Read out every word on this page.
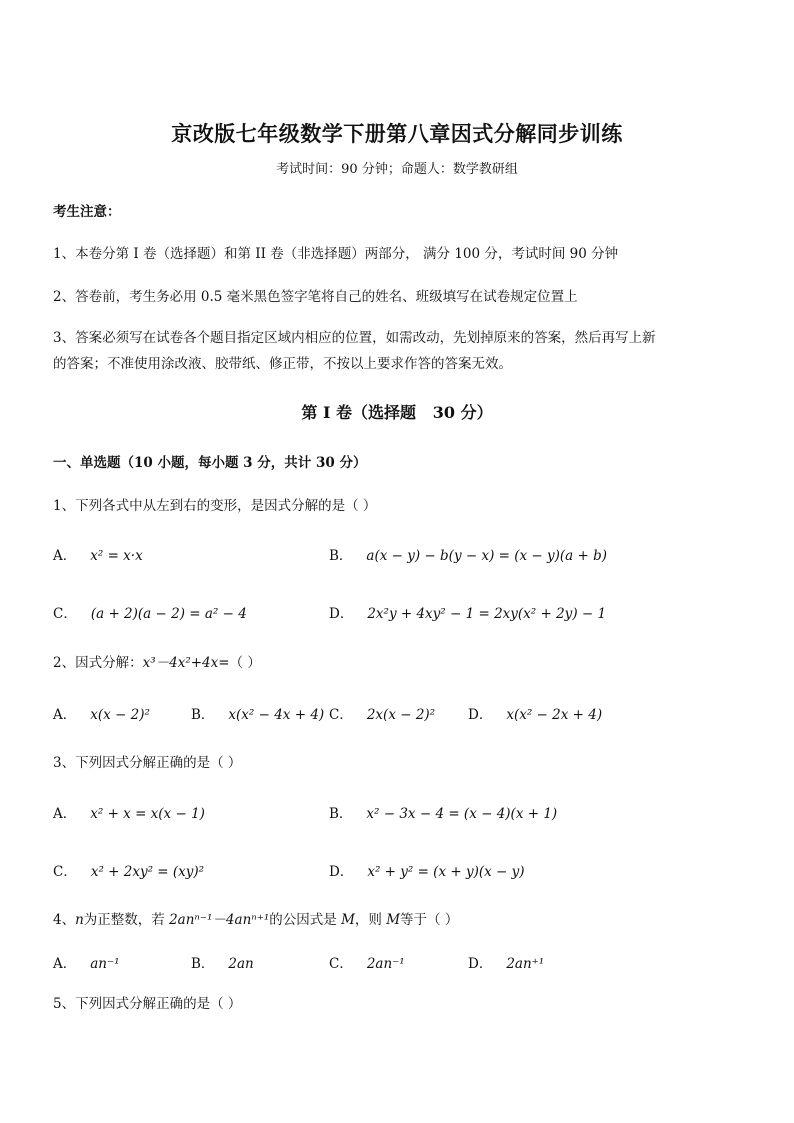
京改版七年级数学下册第八章因式分解同步训练
考试时间：90 分钟；命题人：数学教研组
考生注意：
1、本卷分第 I 卷（选择题）和第 II 卷（非选择题）两部分， 满分 100 分，考试时间 90 分钟
2、答卷前，考生务必用 0.5 毫米黑色签字笔将自己的姓名、班级填写在试卷规定位置上
3、答案必须写在试卷各个题目指定区域内相应的位置，如需改动，先划掉原来的答案，然后再写上新
的答案；不准使用涂改液、胶带纸、修正带，不按以上要求作答的答案无效。
第 I 卷（选择题   30 分）
一、单选题（10 小题，每小题 3 分，共计 30 分）
1、下列各式中从左到右的变形，是因式分解的是（ ）
A． x² = x·x	B． a(x − y) − b(y − x) = (x − y)(a + b)
C． (a + 2)(a − 2) = a² − 4	D． 2x²y + 4xy² − 1 = 2xy(x² + 2y) − 1
2、因式分解：x³－4x²+4x=（ ）
A． x(x − 2)²	B． x(x² − 4x + 4) C． 2x(x − 2)² D． x(x² − 2x + 4)
3、下列因式分解正确的是（ ）
A． x² + x = x(x − 1)	B． x² − 3x − 4 = (x − 4)(x + 1)
C． x² + 2xy² = (xy)²	D． x² + y² = (x + y)(x − y)
4、n为正整数，若 2anⁿ⁻¹－4anⁿ⁺¹的公因式是 M，则 M等于（ ）
A． an⁻¹	B． 2an	C． 2an⁻¹	D． 2an⁺¹
5、下列因式分解正确的是（ ）
